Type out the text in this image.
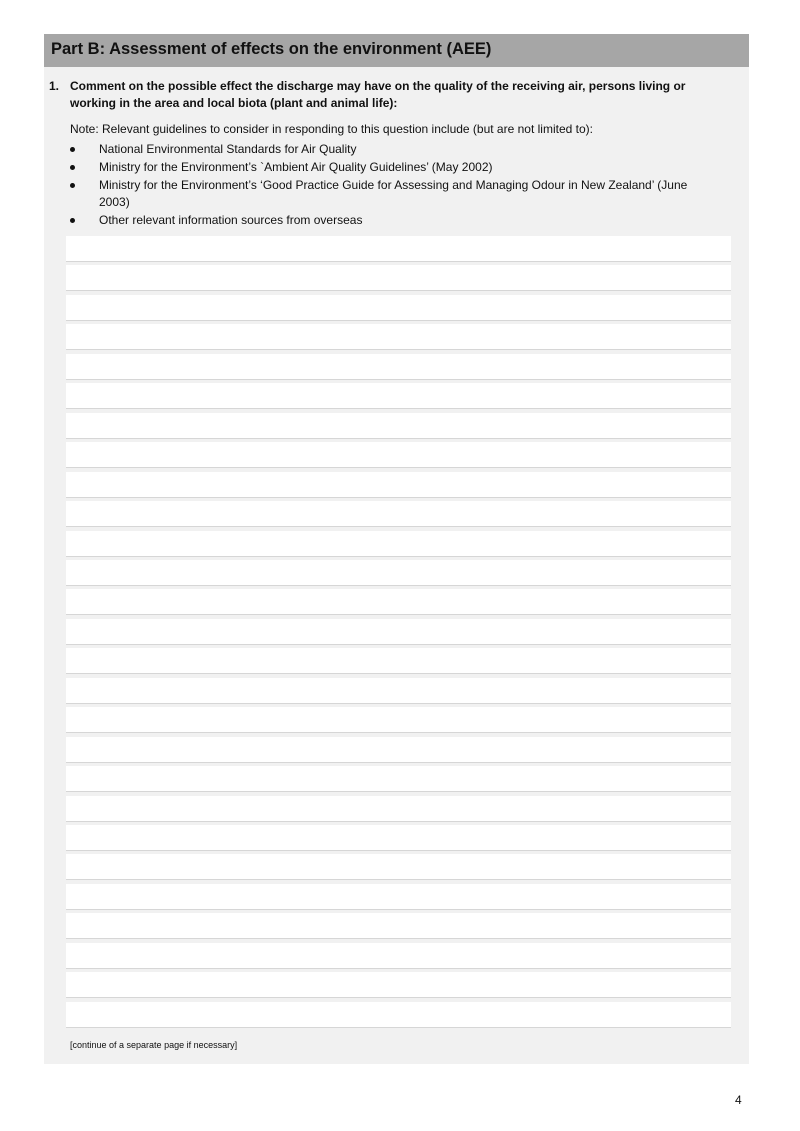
Part B: Assessment of effects on the environment (AEE)
1. Comment on the possible effect the discharge may have on the quality of the receiving air, persons living or working in the area and local biota (plant and animal life):
Note: Relevant guidelines to consider in responding to this question include (but are not limited to):
National Environmental Standards for Air Quality
Ministry for the Environment’s `Ambient Air Quality Guidelines’ (May 2002)
Ministry for the Environment’s ‘Good Practice Guide for Assessing and Managing Odour in New Zealand’ (June 2003)
Other relevant information sources from overseas
[continue of a separate page if necessary]
4
